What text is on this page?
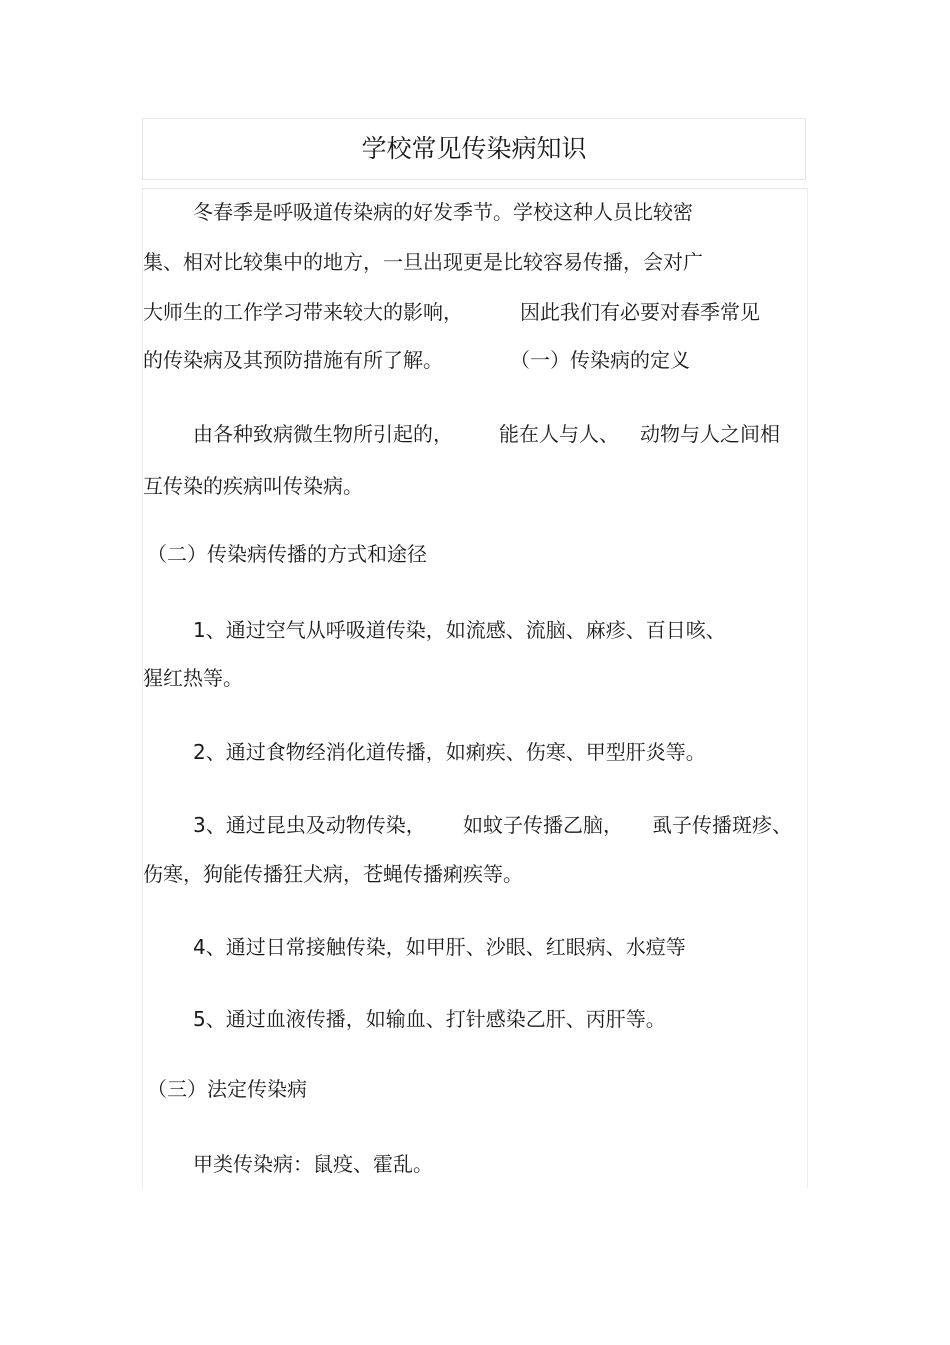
学校常见传染病知识
冬春季是呼吸道传染病的好发季节。学校这种人员比较密
集、相对比较集中的地方，一旦出现更是比较容易传播，会对广
大师生的工作学习带来较大的影响，	因此我们有必要对春季常见
的传染病及其预防措施有所了解。	（一）传染病的定义
由各种致病微生物所引起的， 能在人与人、 动物与人之间相
互传染的疾病叫传染病。
（二）传染病传播的方式和途径
1、通过空气从呼吸道传染，如流感、流脑、麻疹、百日咳、
猩红热等。
2、通过食物经消化道传播，如痢疾、伤寒、甲型肝炎等。
3、通过昆虫及动物传染， 如蚊子传播乙脑， 虱子传播斑疹、
伤寒，狗能传播狂犬病，苍蝇传播痢疾等。
4、通过日常接触传染，如甲肝、沙眼、红眼病、水痘等
5、通过血液传播，如输血、打针感染乙肝、丙肝等。
（三）法定传染病
甲类传染病：鼠疫、霍乱。
